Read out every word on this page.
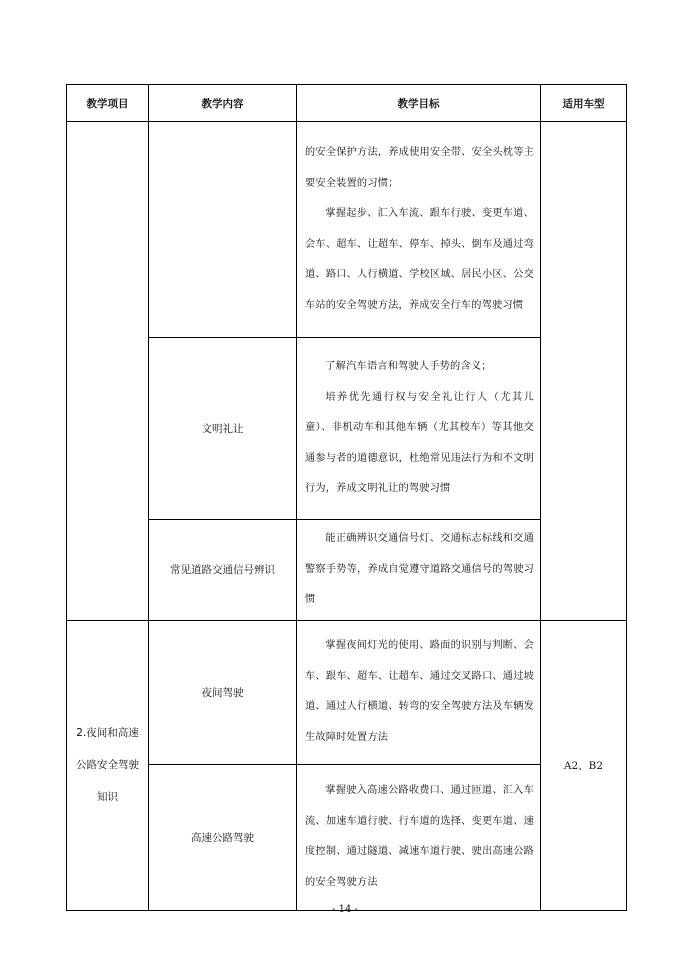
教学项目	教学内容	教学目标	适用车型

		的安全保护方法，养成使用安全带、安全头枕等主要安全装置的习惯；

掌握起步、汇入车流、跟车行驶、变更车道、会车、超车、让超车、停车、掉头、倒车及通过弯道、路口、人行横道、学校区域、居民小区、公交车站的安全驾驶方法，养成安全行车的驾驶习惯	

	文明礼让	了解汽车语言和驾驶人手势的含义；

培养优先通行权与安全礼让行人（尤其儿童）、非机动车和其他车辆（尤其校车）等其他交通参与者的道德意识，杜绝常见违法行为和不文明行为，养成文明礼让的驾驶习惯	

	常见道路交通信号辨识	能正确辨识交通信号灯、交通标志标线和交通警察手势等，养成自觉遵守道路交通信号的驾驶习惯	

2.夜间和高速
公路安全驾驶
知识	夜间驾驶	掌握夜间灯光的使用、路面的识别与判断、会车、跟车、超车、让超车、通过交叉路口、通过坡道、通过人行横道、转弯的安全驾驶方法及车辆发生故障时处置方法	A2、B2
	高速公路驾驶	掌握驶入高速公路收费口、通过匝道、汇入车流、加速车道行驶、行车道的选择、变更车道、速度控制、通过隧道、减速车道行驶、驶出高速公路的安全驾驶方法	

- 14 -
